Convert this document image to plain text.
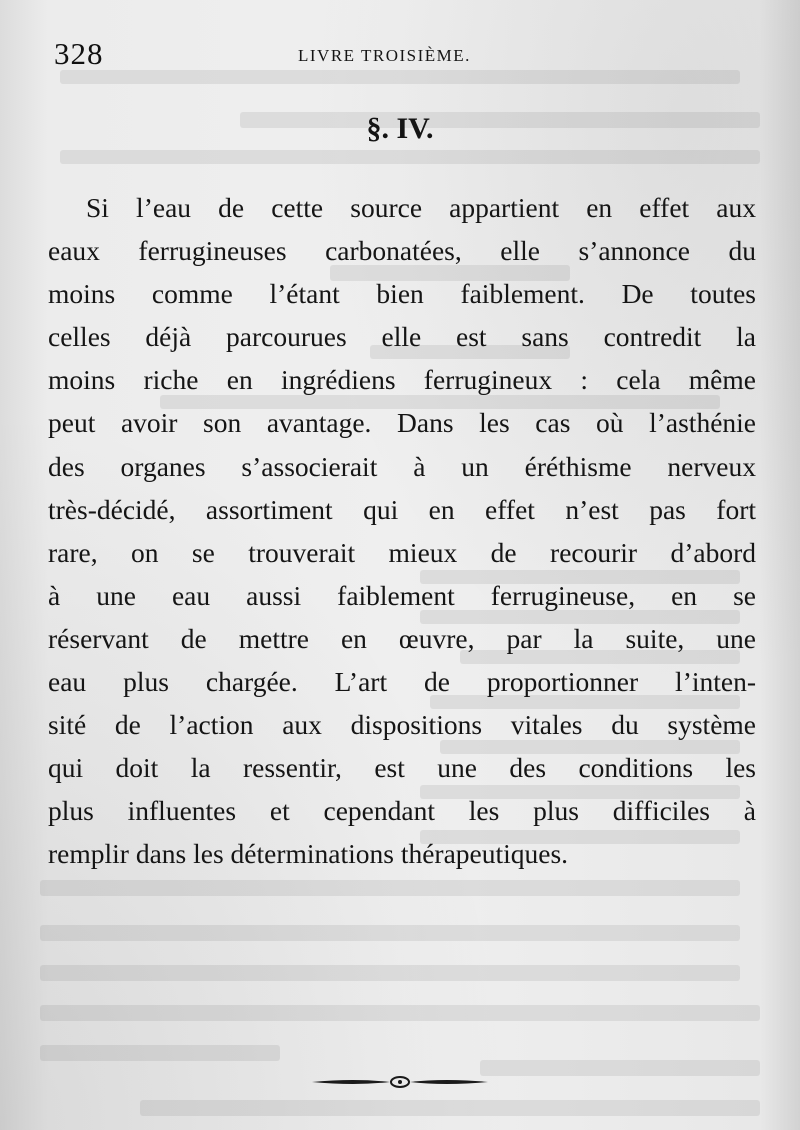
328	LIVRE TROISIÈME.
§. IV.
Si l’eau de cette source appartient en effet aux
eaux ferrugineuses carbonatées, elle s’annonce du
moins comme l’étant bien faiblement. De toutes
celles déjà parcourues elle est sans contredit la
moins riche en ingrédiens ferrugineux : cela même
peut avoir son avantage. Dans les cas où l’asthénie
des organes s’associerait à un éréthisme nerveux
très-décidé, assortiment qui en effet n’est pas fort
rare, on se trouverait mieux de recourir d’abord
à une eau aussi faiblement ferrugineuse, en se
réservant de mettre en œuvre, par la suite, une
eau plus chargée. L’art de proportionner l’inten-
sité de l’action aux dispositions vitales du système
qui doit la ressentir, est une des conditions les
plus influentes et cependant les plus difficiles à
remplir dans les déterminations thérapeutiques.
